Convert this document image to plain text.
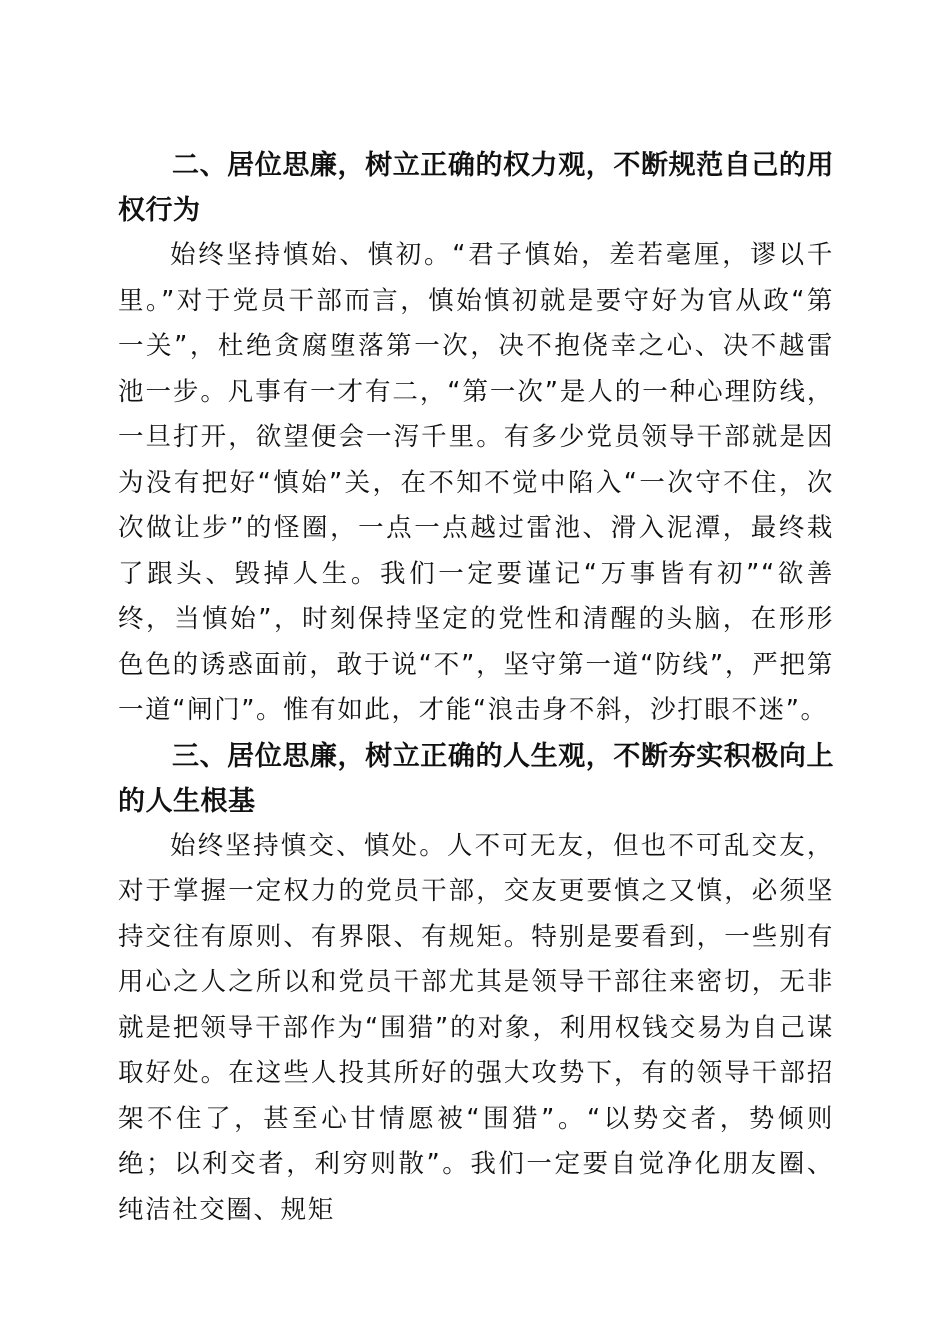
二、居位思廉，树立正确的权力观，不断规范自己的用权行为

始终坚持慎始、慎初。“君子慎始，差若毫厘，谬以千里。”对于党员干部而言，慎始慎初就是要守好为官从政“第一关”，杜绝贪腐堕落第一次，决不抱侥幸之心、决不越雷池一步。凡事有一才有二，“第一次”是人的一种心理防线，一旦打开，欲望便会一泻千里。有多少党员领导干部就是因为没有把好“慎始”关，在不知不觉中陷入“一次守不住，次次做让步”的怪圈，一点一点越过雷池、滑入泥潭，最终栽了跟头、毁掉人生。我们一定要谨记“万事皆有初”“欲善终，当慎始”，时刻保持坚定的党性和清醒的头脑，在形形色色的诱惑面前，敢于说“不”，坚守第一道“防线”，严把第一道“闸门”。惟有如此，才能“浪击身不斜，沙打眼不迷”。

三、居位思廉，树立正确的人生观，不断夯实积极向上的人生根基

始终坚持慎交、慎处。人不可无友，但也不可乱交友，对于掌握一定权力的党员干部，交友更要慎之又慎，必须坚持交往有原则、有界限、有规矩。特别是要看到，一些别有用心之人之所以和党员干部尤其是领导干部往来密切，无非就是把领导干部作为“围猎”的对象，利用权钱交易为自己谋取好处。在这些人投其所好的强大攻势下，有的领导干部招架不住了，甚至心甘情愿被“围猎”。“以势交者，势倾则绝；以利交者，利穷则散”。我们一定要自觉净化朋友圈、纯洁社交圈、规矩
